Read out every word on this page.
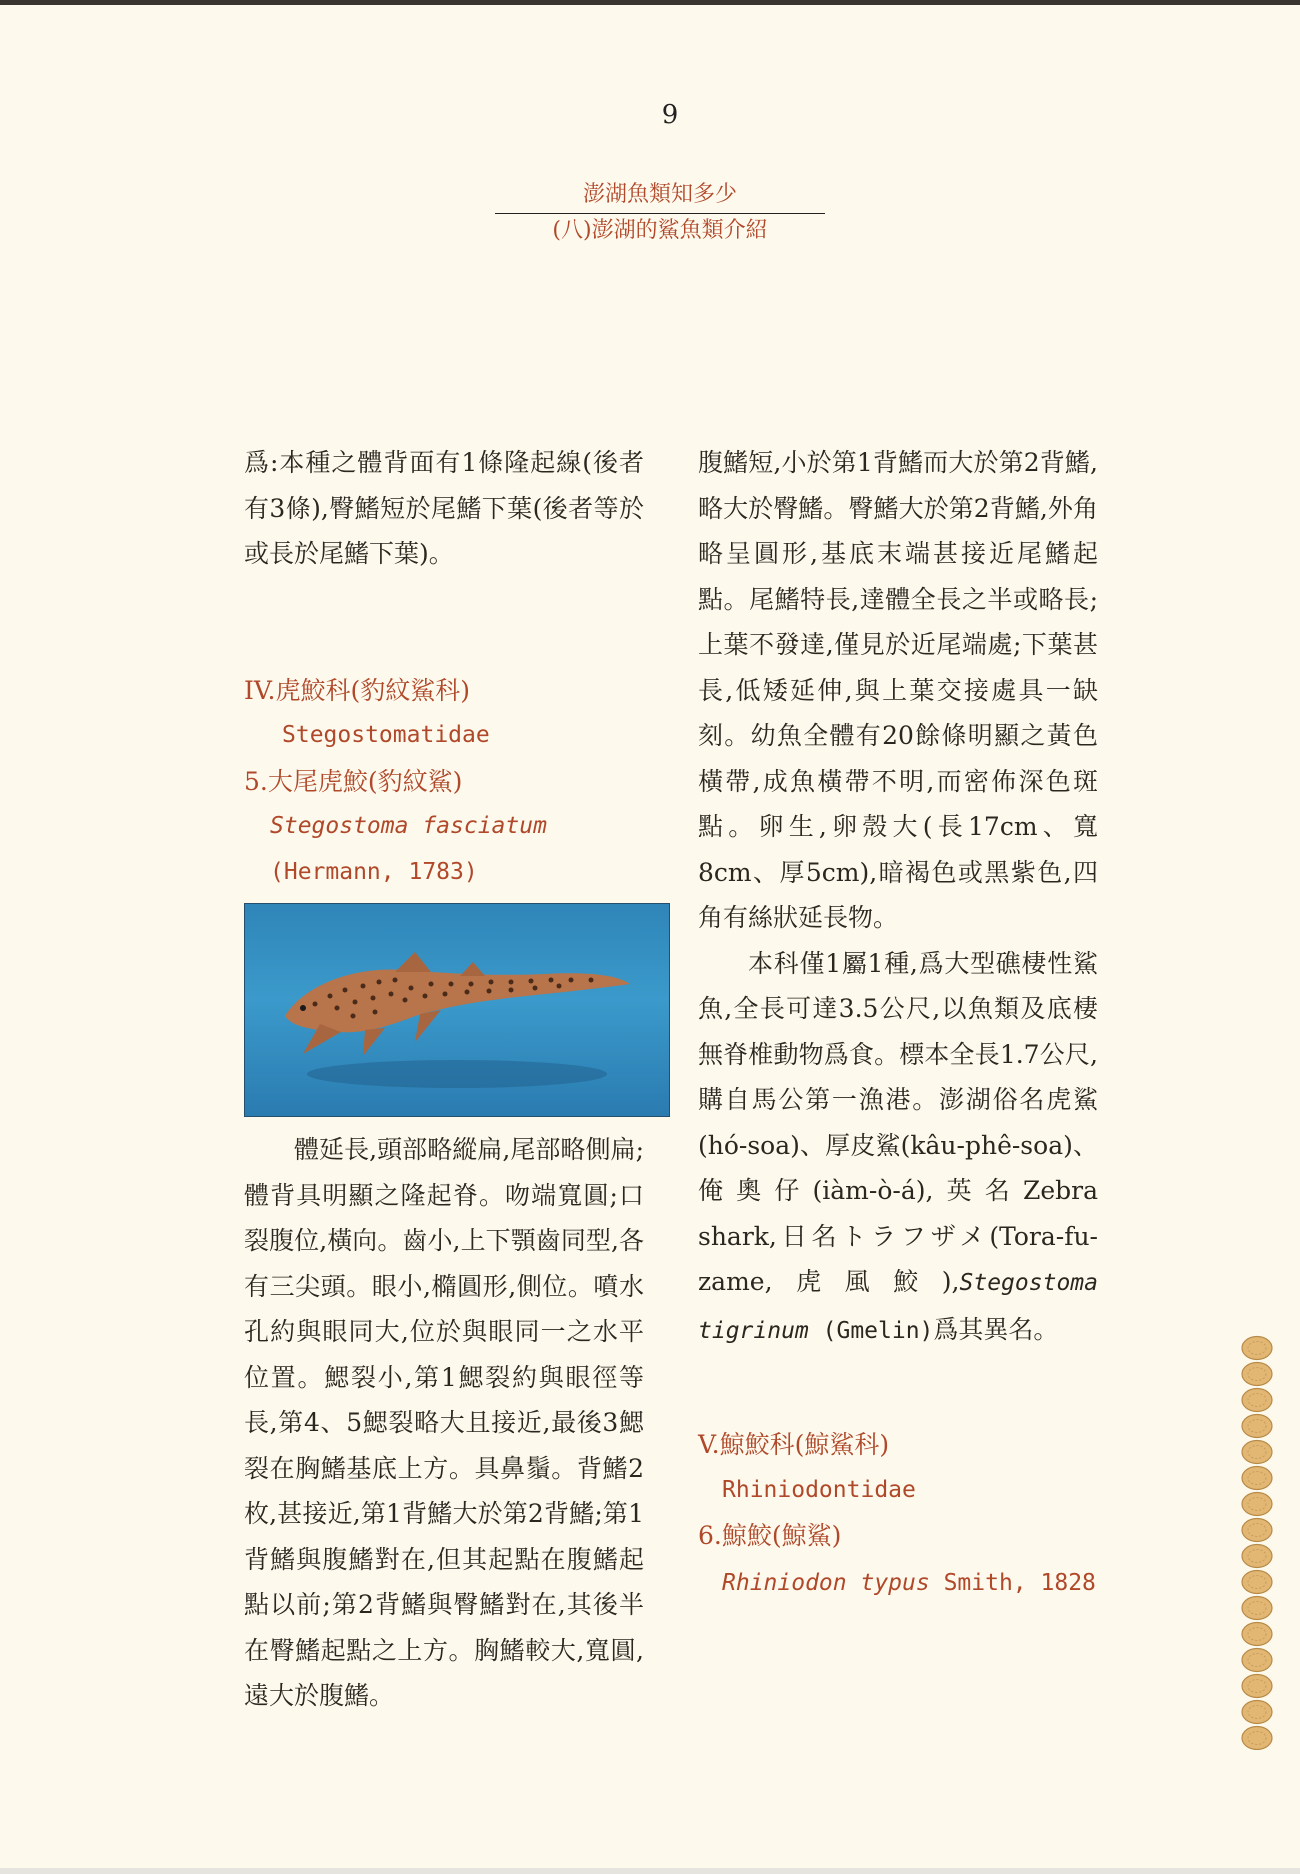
9
澎湖魚類知多少
(八)澎湖的鯊魚類介紹

爲:本種之體背面有1條隆起線(後者有3條),臀鰭短於尾鰭下葉(後者等於或長於尾鰭下葉)。

IV.虎鮫科(豹紋鯊科)

Stegostomatidae

5.大尾虎鮫(豹紋鯊)

Stegostoma fasciatum

(Hermann, 1783)

體延長,頭部略縱扁,尾部略側扁;體背具明顯之隆起脊。吻端寬圓;口裂腹位,橫向。齒小,上下顎齒同型,各有三尖頭。眼小,橢圓形,側位。噴水孔約與眼同大,位於與眼同一之水平位置。鰓裂小,第1鰓裂約與眼徑等長,第4、5鰓裂略大且接近,最後3鰓裂在胸鰭基底上方。具鼻鬚。背鰭2枚,甚接近,第1背鰭大於第2背鰭;第1背鰭與腹鰭對在,但其起點在腹鰭起點以前;第2背鰭與臀鰭對在,其後半在臀鰭起點之上方。胸鰭較大,寬圓,遠大於腹鰭。

腹鰭短,小於第1背鰭而大於第2背鰭,略大於臀鰭。臀鰭大於第2背鰭,外角略呈圓形,基底末端甚接近尾鰭起點。尾鰭特長,達體全長之半或略長;上葉不發達,僅見於近尾端處;下葉甚長,低矮延伸,與上葉交接處具一缺刻。幼魚全體有20餘條明顯之黃色橫帶,成魚橫帶不明,而密佈深色斑點。卵生,卵殼大(長17cm、寬8cm、厚5cm),暗褐色或黑紫色,四角有絲狀延長物。

本科僅1屬1種,爲大型礁棲性鯊魚,全長可達3.5公尺,以魚類及底棲無脊椎動物爲食。標本全長1.7公尺,購自馬公第一漁港。澎湖俗名虎鯊(hó-soa)、厚皮鯊(kâu-phê-soa)、俺奧仔(iàm-ò-á),英名Zebra shark,日名トラフザメ(Tora-fu-zame,虎風鮫),Stegostoma tigrinum (Gmelin)爲其異名。

V.鯨鮫科(鯨鯊科)

Rhiniodontidae

6.鯨鮫(鯨鯊)

Rhiniodon typus Smith, 1828
